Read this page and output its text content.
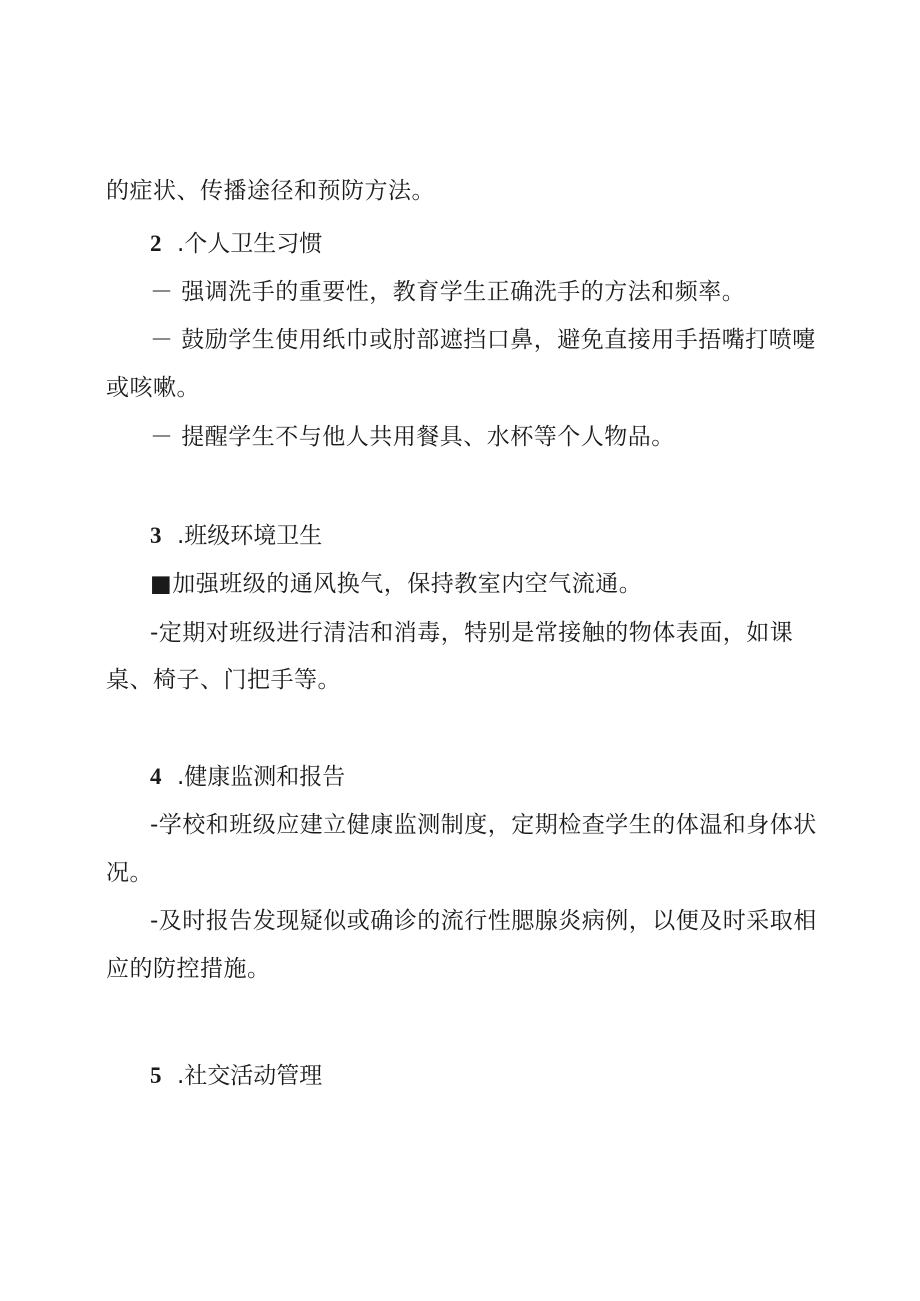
的症状、传播途径和预防方法。
2 .个人卫生习惯
－ 强调洗手的重要性，教育学生正确洗手的方法和频率。
－ 鼓励学生使用纸巾或肘部遮挡口鼻，避免直接用手捂嘴打喷嚏
或咳嗽。
－ 提醒学生不与他人共用餐具、水杯等个人物品。
3 .班级环境卫生
■加强班级的通风换气，保持教室内空气流通。
-定期对班级进行清洁和消毒，特别是常接触的物体表面，如课
桌、椅子、门把手等。
4 .健康监测和报告
-学校和班级应建立健康监测制度，定期检查学生的体温和身体状
况。
-及时报告发现疑似或确诊的流行性腮腺炎病例，以便及时采取相
应的防控措施。
5 .社交活动管理
